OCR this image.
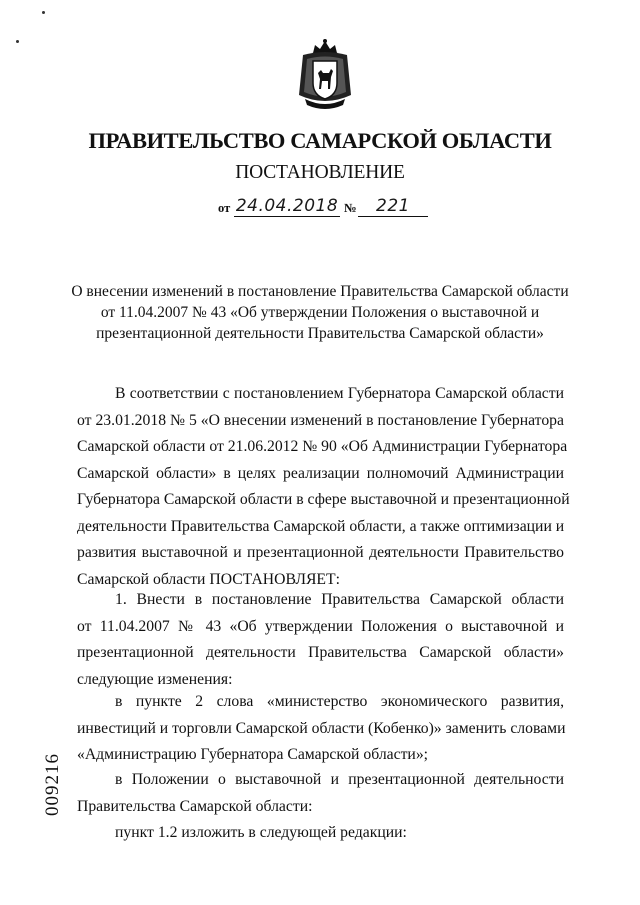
ПРАВИТЕЛЬСТВО САМАРСКОЙ ОБЛАСТИ
ПОСТАНОВЛЕНИЕ
от 24.04.2018 №	221
О внесении изменений в постановление Правительства Самарской области
от 11.04.2007 № 43 «Об утверждении Положения о выставочной и
презентационной деятельности Правительства Самарской области»
В соответствии с постановлением Губернатора Самарской области
от 23.01.2018 № 5 «О внесении изменений в постановление Губернатора
Самарской области от 21.06.2012 № 90 «Об Администрации Губернатора
Самарской области» в целях реализации полномочий Администрации
Губернатора Самарской области в сфере выставочной и презентационной
деятельности Правительства Самарской области, а также оптимизации и
развития выставочной и презентационной деятельности Правительство
Самарской области ПОСТАНОВЛЯЕТ:
1. Внести в постановление Правительства Самарской области
от 11.04.2007 № 43 «Об утверждении Положения о выставочной и
презентационной деятельности Правительства Самарской области»
следующие изменения:
в пункте 2 слова «министерство экономического развития,
инвестиций и торговли Самарской области (Кобенко)» заменить словами
«Администрацию Губернатора Самарской области»;
в Положении о выставочной и презентационной деятельности
Правительства Самарской области:
пункт 1.2 изложить в следующей редакции:
009216
